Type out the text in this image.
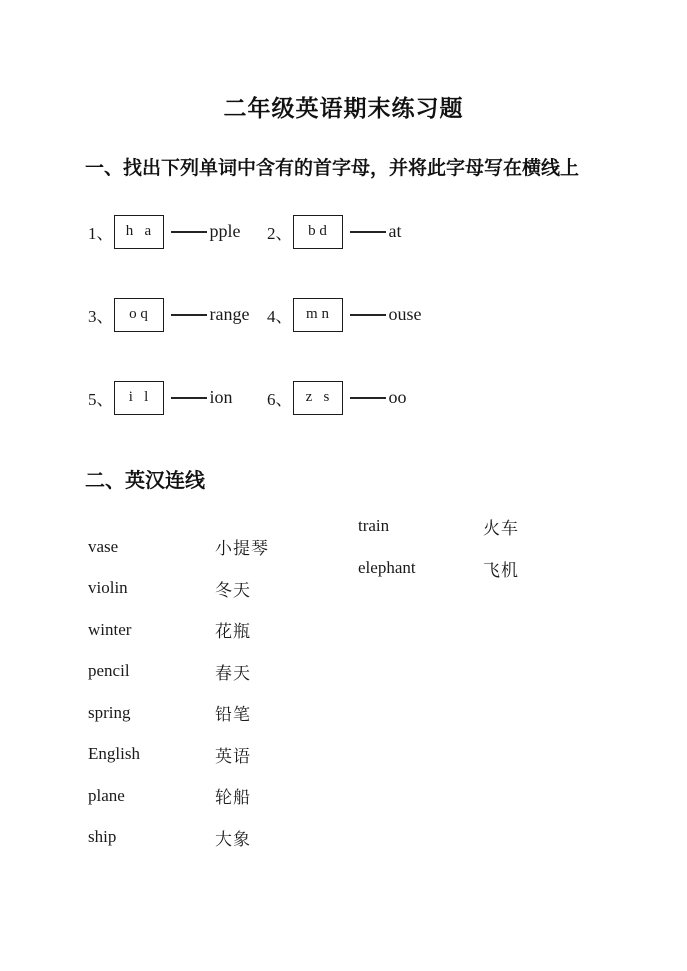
二年级英语期末练习题
一、找出下列单词中含有的首字母，并将此字母写在横线上
1、 h   a	pple 2、 b d	at
3、 o q	range 4、 m n	ouse
5、 i   l	ion 6、 z   s	oo
二、英汉连线
vase	小提琴
violin	冬天
winter	花瓶
pencil	春天
spring	铅笔
English	英语
plane	轮船
ship	大象
train	火车
elephant	飞机
